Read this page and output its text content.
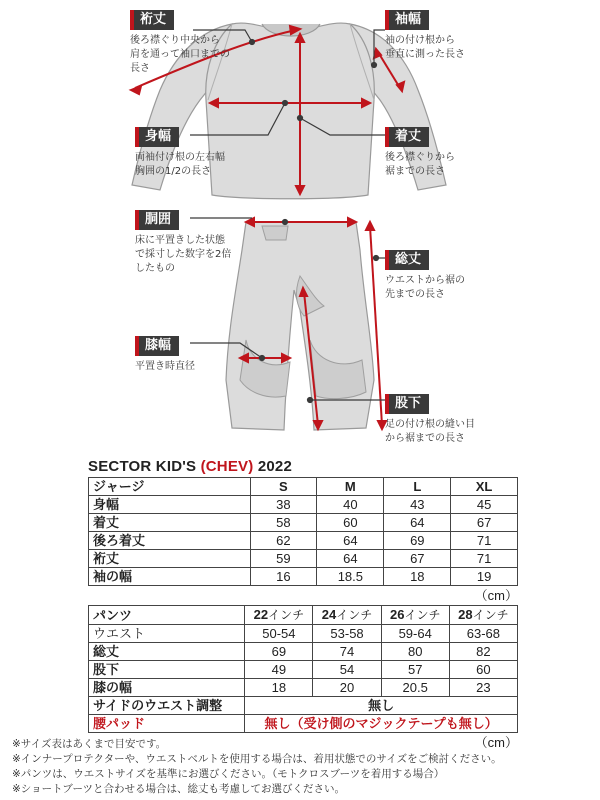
裄丈
後ろ襟ぐり中央から
肩を通って袖口までの
長さ
袖幅
袖の付け根から
垂直に測った長さ
身幅
両袖付け根の左右幅
胸囲の1/2の長さ
着丈
後ろ襟ぐりから
裾までの長さ
胴囲
床に平置きした状態
で採寸した数字を2倍
したもの
総丈
ウエストから裾の
先までの長さ
膝幅
平置き時直径
股下
足の付け根の縫い目
から裾までの長さ
SECTOR KID'S (CHEV) 2022
ジャージ	S	M	L	XL
身幅	38	40	43	45
着丈	58	60	64	67
後ろ着丈	62	64	69	71
裄丈	59	64	67	71
袖の幅	16	18.5	18	19
（cm）
パンツ	22インチ	24インチ	26インチ	28インチ
ウエスト	50-54	53-58	59-64	63-68
総丈	69	74	80	82
股下	49	54	57	60
膝の幅	18	20	20.5	23
サイドのウエスト調整	無し			
腰パッド	無し（受け側のマジックテープも無し）			
（cm）
※サイズ表はあくまで目安です。
※インナープロテクターや、ウエストベルトを使用する場合は、着用状態でのサイズをご検討ください。
※パンツは、ウエストサイズを基準にお選びください。（モトクロスブーツを着用する場合）
※ショートブーツと合わせる場合は、総丈も考慮してお選びください。
